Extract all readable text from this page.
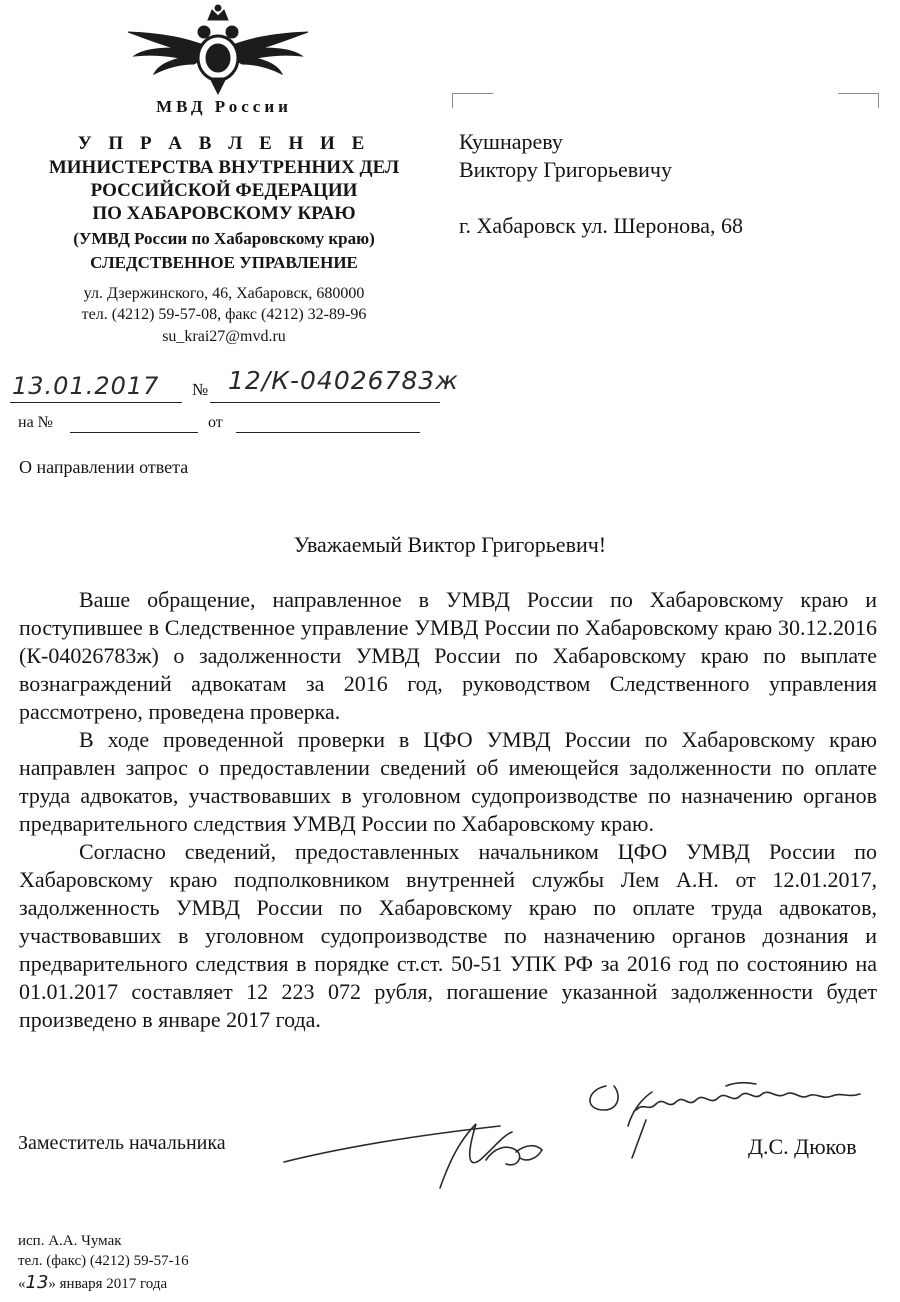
МВД России
У П Р А В Л Е Н И Е
МИНИСТЕРСТВА ВНУТРЕННИХ ДЕЛ
РОССИЙСКОЙ ФЕДЕРАЦИИ
ПО ХАБАРОВСКОМУ КРАЮ
(УМВД России по Хабаровскому краю)
СЛЕДСТВЕННОЕ УПРАВЛЕНИЕ
ул. Дзержинского, 46, Хабаровск, 680000
тел. (4212) 59-57-08, факс (4212) 32-89-96
su_krai27@mvd.ru
Кушнареву
Виктору Григорьевичу
г. Хабаровск ул. Шеронова, 68
13.01.2017 № 12/К-04026783ж
на №	от
О направлении ответа
Уважаемый Виктор Григорьевич!

Ваше обращение, направленное в УМВД России по Хабаровскому краю и поступившее в Следственное управление УМВД России по Хабаровскому краю 30.12.2016 (К-04026783ж) о задолженности УМВД России по Хабаровскому краю по выплате вознаграждений адвокатам за 2016 год, руководством Следственного управления рассмотрено, проведена проверка.

В ходе проведенной проверки в ЦФО УМВД России по Хабаровскому краю направлен запрос о предоставлении сведений об имеющейся задолженности по оплате труда адвокатов, участвовавших в уголовном судопроизводстве по назначению органов предварительного следствия УМВД России по Хабаровскому краю.

Согласно сведений, предоставленных начальником ЦФО УМВД России по Хабаровскому краю подполковником внутренней службы Лем А.Н. от 12.01.2017, задолженность УМВД России по Хабаровскому краю по оплате труда адвокатов, участвовавших в уголовном судопроизводстве по назначению органов дознания и предварительного следствия в порядке ст.ст. 50-51 УПК РФ за 2016 год по состоянию на 01.01.2017 составляет 12 223 072 рубля, погашение указанной задолженности будет произведено в январе 2017 года.

Заместитель начальника	Д.С. Дюков
исп. А.А. Чумак
тел. (факс) (4212) 59-57-16
«13» января 2017 года
